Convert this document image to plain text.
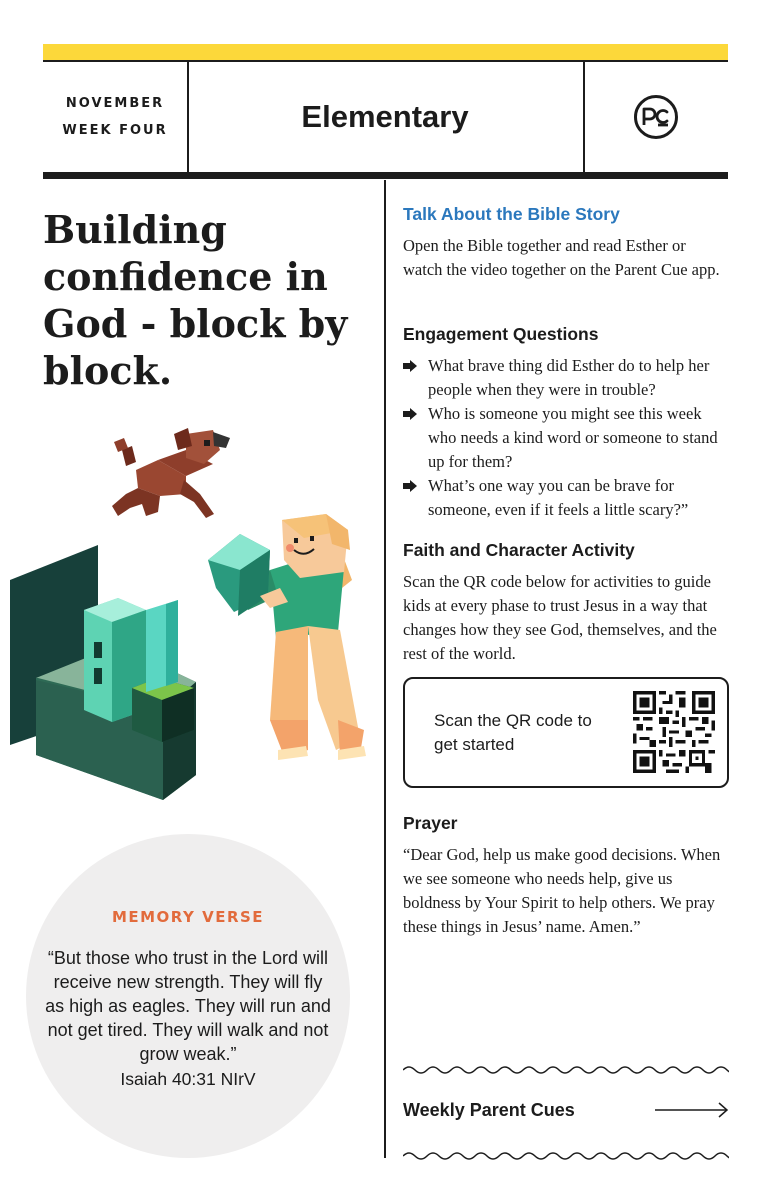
NOVEMBER
WEEK FOUR	Elementary
Building confidence in God - block by block.
MEMORY VERSE

“But those who trust in the Lord will receive new strength. They will fly as high as eagles. They will run and not get tired. They will walk and not grow weak.”

Isaiah 40:31 NIrV
Talk About the Bible Story

Open the Bible together and read Esther or watch the video together on the Parent Cue app.

Engagement Questions
What brave thing did Esther do to help her people when they were in trouble?
Who is someone you might see this week who needs a kind word or someone to stand up for them?
What’s one way you can be brave for someone, even if it feels a little scary?”
Faith and Character Activity

Scan the QR code below for activities to guide kids at every phase to trust Jesus in a way that changes how they see God, themselves, and the rest of the world.

Scan the QR code to get started

Prayer

“Dear God, help us make good decisions. When we see someone who needs help, give us boldness by Your Spirit to help others. We pray these things in Jesus’ name. Amen.”

Weekly Parent Cues
